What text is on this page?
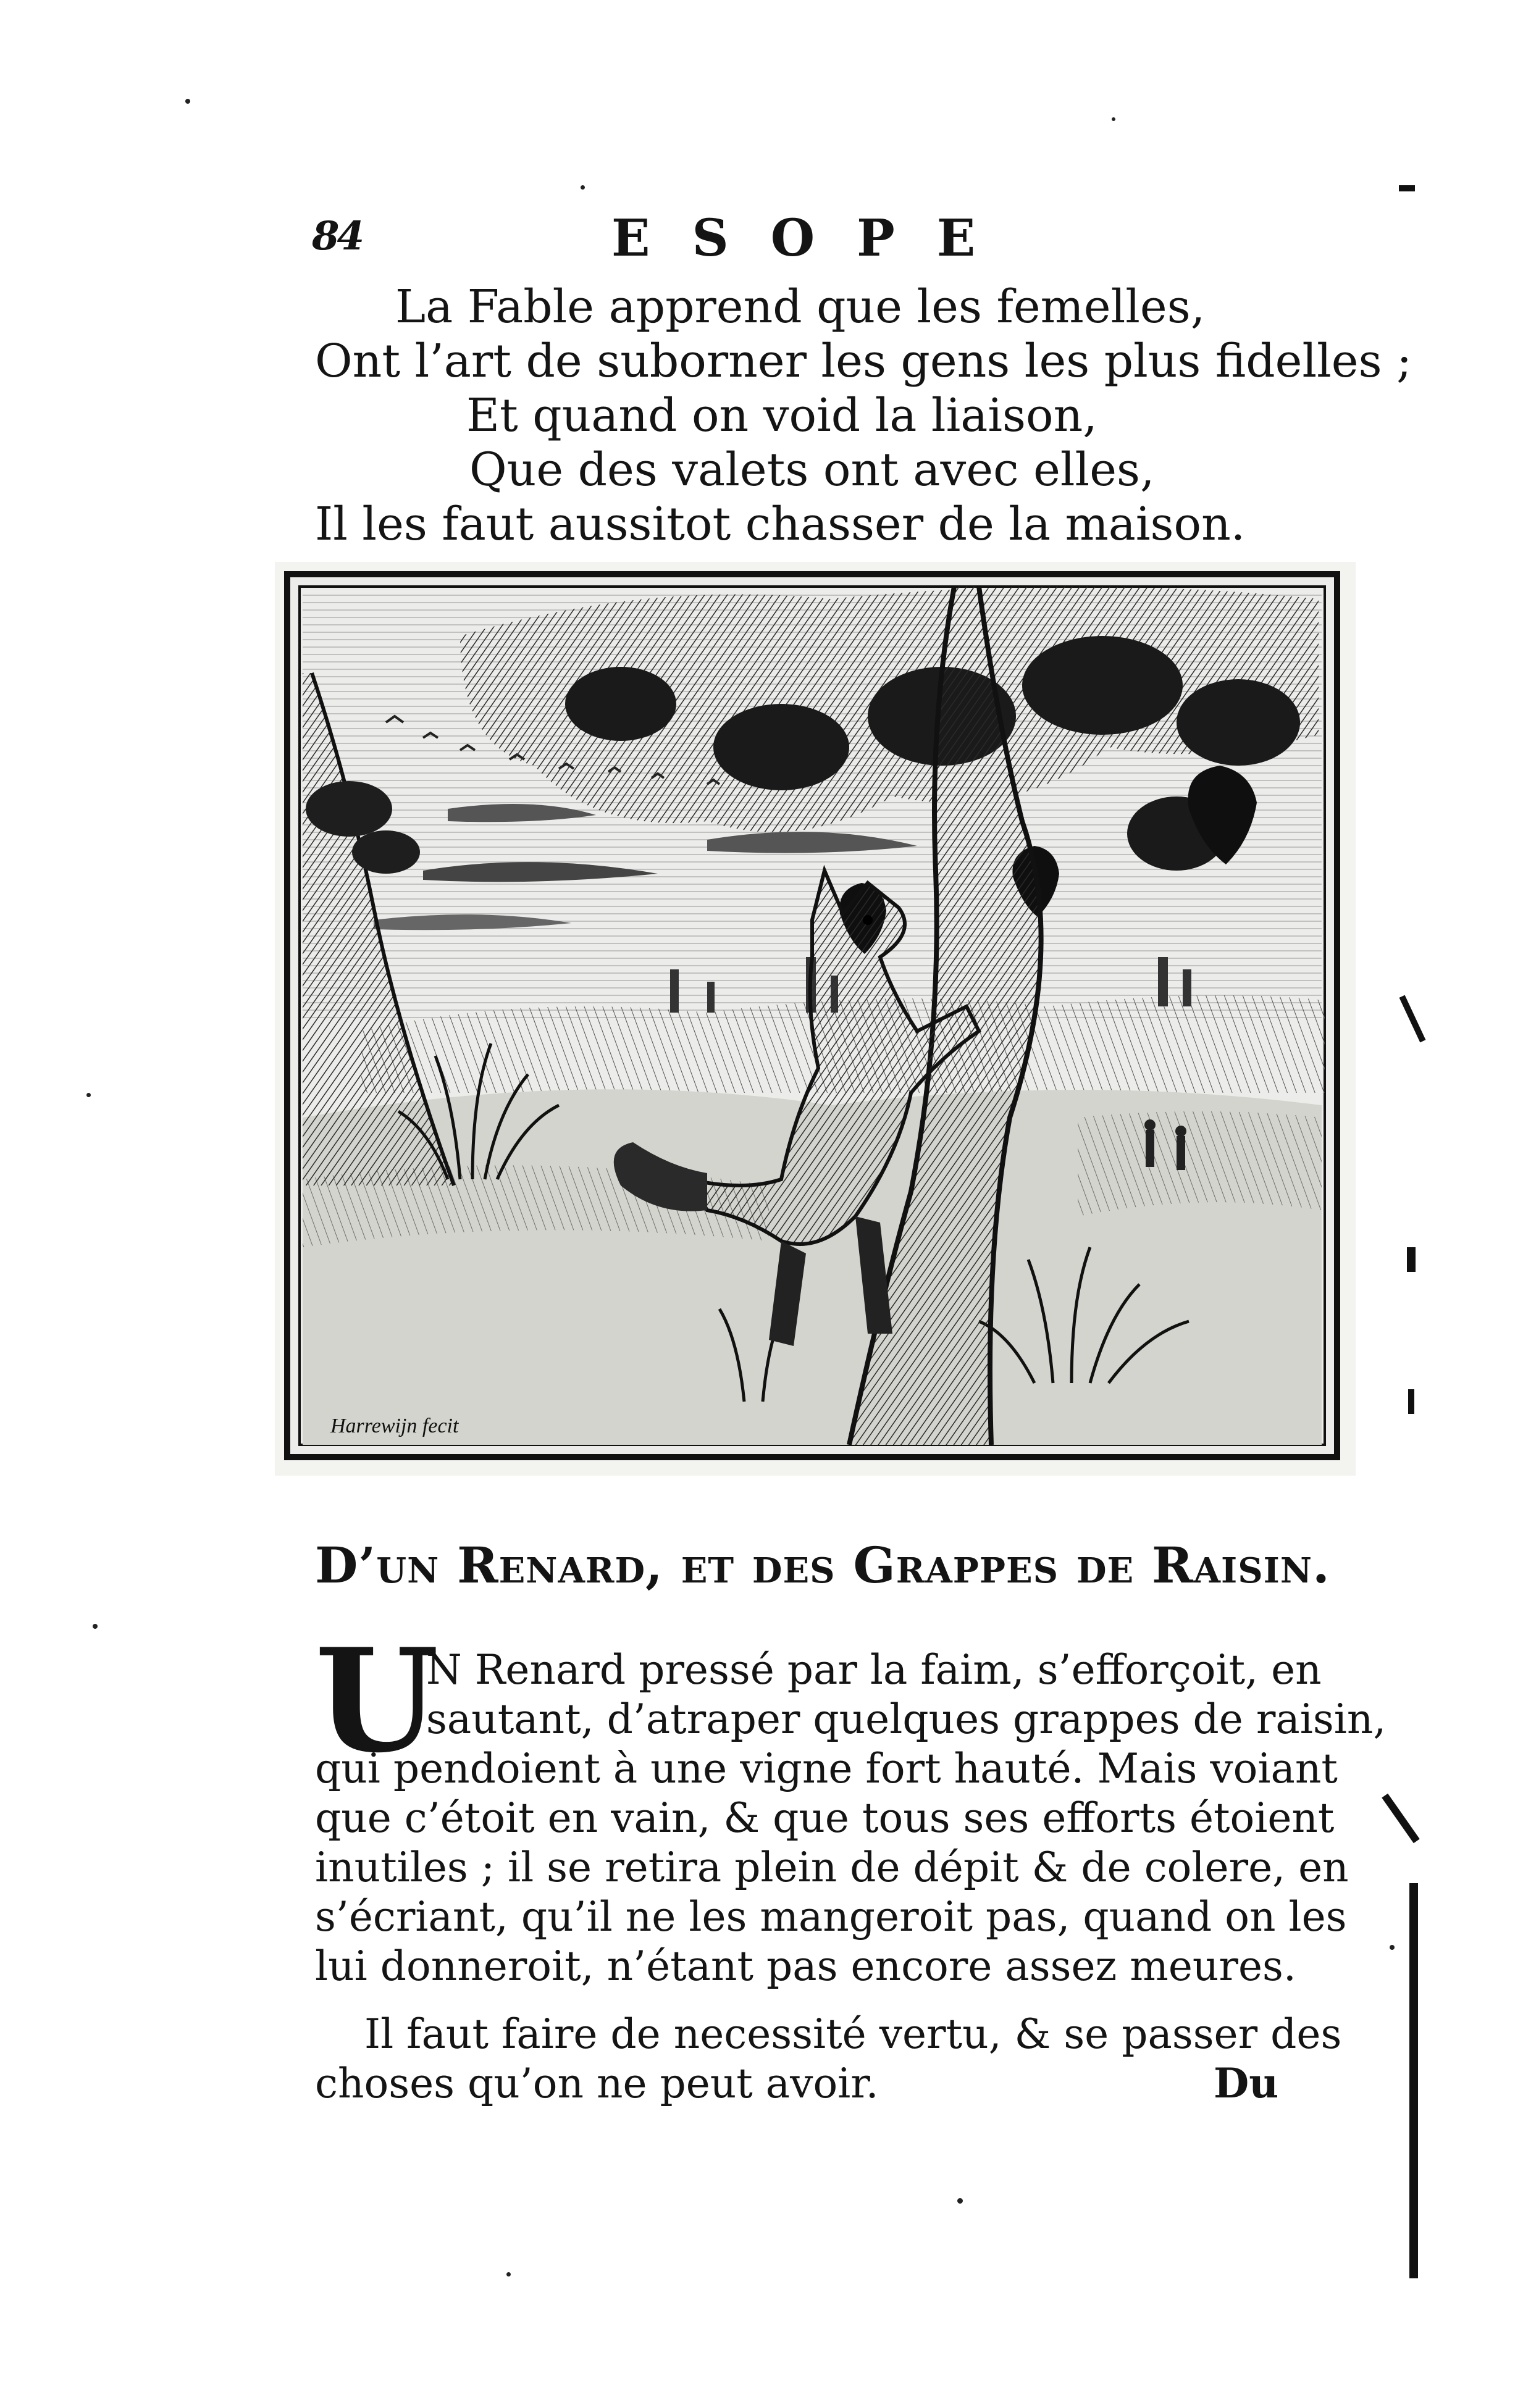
84	ESOPE
La Fable apprend que les femelles,
Ont l’art de suborner les gens les plus fidelles ;
Et quand on void la liaison,
Que des valets ont avec elles,
Il les faut aussitot chasser de la maison.
Harrewijn fecit
D’un Renard, et des Grappes de Raisin.
U
N Renard pressé par la faim, s’efforçoit, en
sautant, d’atraper quelques grappes de raisin,
qui pendoient à une vigne fort hauté. Mais voiant
que c’étoit en vain, & que tous ses efforts étoient
inutiles ; il se retira plein de dépit & de colere, en
s’écriant, qu’il ne les mangeroit pas, quand on les
lui donneroit, n’étant pas encore assez meures.
Il faut faire de necessité vertu, & se passer des
choses qu’on ne peut avoir.	Du
